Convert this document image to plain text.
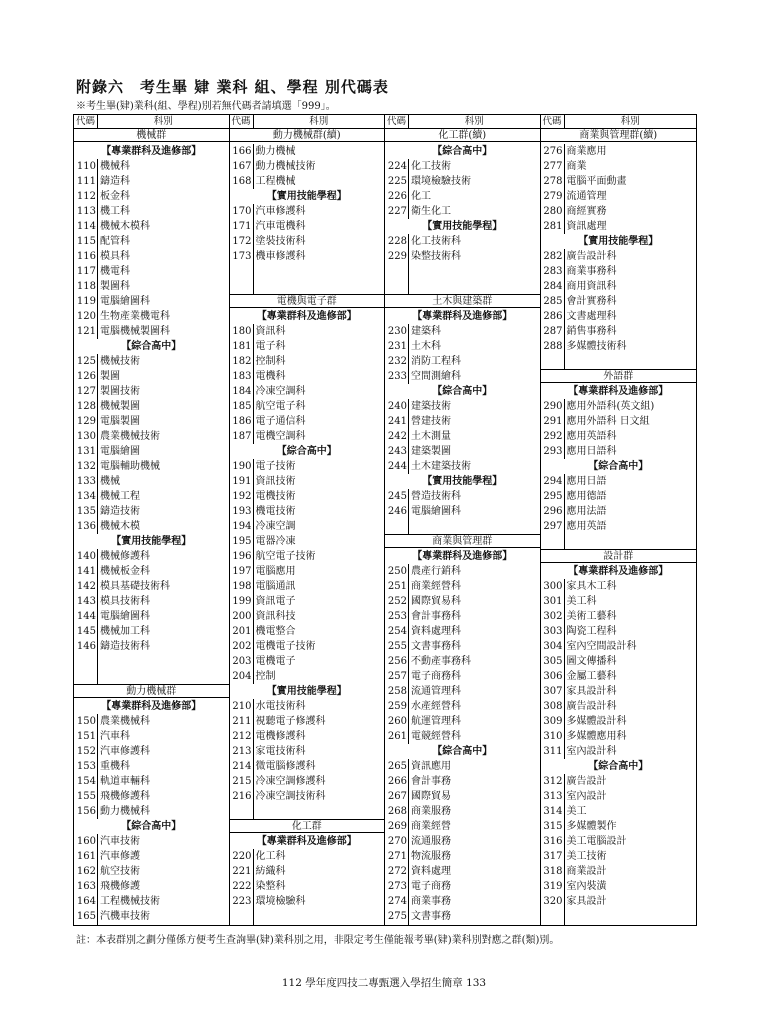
附錄六　考生畢 肄 業科 組、學程 別代碼表
※考生畢(肄)業科(組、學程)別若無代碼者請填選「999」。
代碼	科別
機械群
【專業群科及進修部】
110 機械科
111 鑄造科
112 板金科
113 機工科
114 機械木模科
115 配管科
116 模具科
117 機電科
118 製圖科
119 電腦繪圖科
120 生物產業機電科
121 電腦機械製圖科
【綜合高中】
125 機械技術
126 製圖
127 製圖技術
128 機械製圖
129 電腦製圖
130 農業機械技術
131 電腦繪圖
132 電腦輔助機械
133 機械
134 機械工程
135 鑄造技術
136 機械木模
【實用技能學程】
140 機械修護科
141 機械板金科
142 模具基礎技術科
143 模具技術科
144 電腦繪圖科
145 機械加工科
146 鑄造技術科
動力機械群
【專業群科及進修部】
150 農業機械科
151 汽車科
152 汽車修護科
153 重機科
154 軌道車輛科
155 飛機修護科
156 動力機械科
【綜合高中】
160 汽車技術
161 汽車修護
162 航空技術
163 飛機修護
164 工程機械技術
165 汽機車技術
代碼	科別
動力機械群(續)
166 動力機械
167 動力機械技術
168 工程機械
【實用技能學程】
170 汽車修護科
171 汽車電機科
172 塗裝技術科
173 機車修護科
電機與電子群
【專業群科及進修部】
180 資訊科
181 電子科
182 控制科
183 電機科
184 冷凍空調科
185 航空電子科
186 電子通信科
187 電機空調科
【綜合高中】
190 電子技術
191 資訊技術
192 電機技術
193 機電技術
194 冷凍空調
195 電器冷凍
196 航空電子技術
197 電腦應用
198 電腦通訊
199 資訊電子
200 資訊科技
201 機電整合
202 電機電子技術
203 電機電子
204 控制
【實用技能學程】
210 水電技術科
211 視聽電子修護科
212 電機修護科
213 家電技術科
214 微電腦修護科
215 冷凍空調修護科
216 冷凍空調技術科
化工群
【專業群科及進修部】
220 化工科
221 紡織科
222 染整科
223 環境檢驗科
代碼	科別
化工群(續)
【綜合高中】
224 化工技術
225 環境檢驗技術
226 化工
227 衛生化工
【實用技能學程】
228 化工技術科
229 染整技術科
土木與建築群
【專業群科及進修部】
230 建築科
231 土木科
232 消防工程科
233 空間測繪科
【綜合高中】
240 建築技術
241 營建技術
242 土木測量
243 建築製圖
244 土木建築技術
【實用技能學程】
245 營造技術科
246 電腦繪圖科
商業與管理群
【專業群科及進修部】
250 農產行銷科
251 商業經營科
252 國際貿易科
253 會計事務科
254 資料處理科
255 文書事務科
256 不動產事務科
257 電子商務科
258 流通管理科
259 水產經營科
260 航運管理科
261 電競經營科
【綜合高中】
265 資訊應用
266 會計事務
267 國際貿易
268 商業服務
269 商業經營
270 流通服務
271 物流服務
272 資料處理
273 電子商務
274 商業事務
275 文書事務
代碼	科別
商業與管理群(續)
276 商業應用
277 商業
278 電腦平面動畫
279 流通管理
280 商經實務
281 資訊處理
【實用技能學程】
282 廣告設計科
283 商業事務科
284 商用資訊科
285 會計實務科
286 文書處理科
287 銷售事務科
288 多媒體技術科
外語群
【專業群科及進修部】
290 應用外語科(英文組)
291 應用外語科 日文組
292 應用英語科
293 應用日語科
【綜合高中】
294 應用日語
295 應用德語
296 應用法語
297 應用英語
設計群
【專業群科及進修部】
300 家具木工科
301 美工科
302 美術工藝科
303 陶瓷工程科
304 室內空間設計科
305 圖文傳播科
306 金屬工藝科
307 家具設計科
308 廣告設計科
309 多媒體設計科
310 多媒體應用科
311 室內設計科
【綜合高中】
312 廣告設計
313 室內設計
314 美工
315 多媒體製作
316 美工電腦設計
317 美工技術
318 商業設計
319 室內裝潢
320 家具設計
註：本表群別之劃分僅係方便考生查詢畢(肄)業科別之用，非限定考生僅能報考畢(肄)業科別對應之群(類)別。
112 學年度四技二專甄選入學招生簡章 133
